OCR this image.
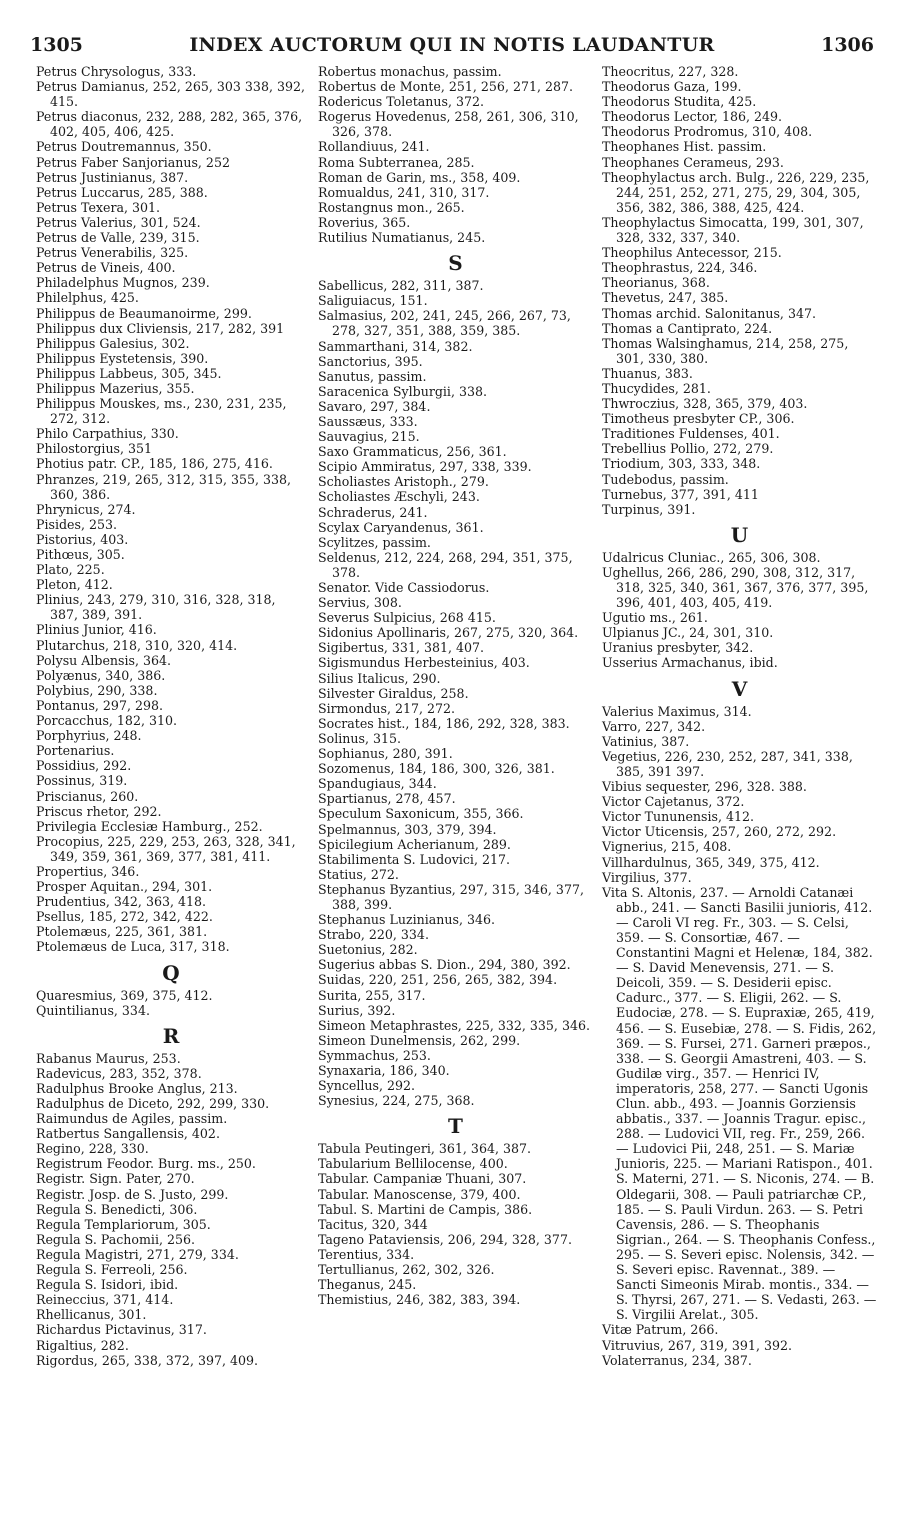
1305	INDEX AUCTORUM QUI IN NOTIS LAUDANTUR	1306
Petrus Chrysologus, 333.
Petrus Damianus, 252, 265, 303 338, 392, 415.
Petrus diaconus, 232, 288, 282, 365, 376, 402, 405, 406, 425.
Petrus Doutremannus, 350.
Petrus Faber Sanjorianus, 252
Petrus Justinianus, 387.
Petrus Luccarus, 285, 388.
Petrus Texera, 301.
Petrus Valerius, 301, 524.
Petrus de Valle, 239, 315.
Petrus Venerabilis, 325.
Petrus de Vineis, 400.
Philadelphus Mugnos, 239.
Philelphus, 425.
Philippus de Beaumanoirme, 299.
Philippus dux Cliviensis, 217, 282, 391
Philippus Galesius, 302.
Philippus Eystetensis, 390.
Philippus Labbeus, 305, 345.
Philippus Mazerius, 355.
Philippus Mouskes, ms., 230, 231, 235, 272, 312.
Philo Carpathius, 330.
Philostorgius, 351
Photius patr. CP., 185, 186, 275, 416.
Phranzes, 219, 265, 312, 315, 355, 338, 360, 386.
Phrynicus, 274.
Pisides, 253.
Pistorius, 403.
Pithœus, 305.
Plato, 225.
Pleton, 412.
Plinius, 243, 279, 310, 316, 328, 318, 387, 389, 391.
Plinius Junior, 416.
Plutarchus, 218, 310, 320, 414.
Polysu Albensis, 364.
Polyænus, 340, 386.
Polybius, 290, 338.
Pontanus, 297, 298.
Porcacchus, 182, 310.
Porphyrius, 248.
Portenarius.
Possidius, 292.
Possinus, 319.
Priscianus, 260.
Priscus rhetor, 292.
Privilegia Ecclesiæ Hamburg., 252.
Procopius, 225, 229, 253, 263, 328, 341, 349, 359, 361, 369, 377, 381, 411.
Propertius, 346.
Prosper Aquitan., 294, 301.
Prudentius, 342, 363, 418.
Psellus, 185, 272, 342, 422.
Ptolemæus, 225, 361, 381.
Ptolemæus de Luca, 317, 318.
Q
Quaresmius, 369, 375, 412.
Quintilianus, 334.
R
Rabanus Maurus, 253.
Radevicus, 283, 352, 378.
Radulphus Brooke Anglus, 213.
Radulphus de Diceto, 292, 299, 330.
Raimundus de Agiles, passim.
Ratbertus Sangallensis, 402.
Regino, 228, 330.
Registrum Feodor. Burg. ms., 250.
Registr. Sign. Pater, 270.
Registr. Josp. de S. Justo, 299.
Regula S. Benedicti, 306.
Regula Templariorum, 305.
Regula S. Pachomii, 256.
Regula Magistri, 271, 279, 334.
Regula S. Ferreoli, 256.
Regula S. Isidori, ibid.
Reineccius, 371, 414.
Rhellicanus, 301.
Richardus Pictavinus, 317.
Rigaltius, 282.
Rigordus, 265, 338, 372, 397, 409.
Robertus monachus, passim.
Robertus de Monte, 251, 256, 271, 287.
Rodericus Toletanus, 372.
Rogerus Hovedenus, 258, 261, 306, 310, 326, 378.
Rollandiuus, 241.
Roma Subterranea, 285.
Roman de Garin, ms., 358, 409.
Romualdus, 241, 310, 317.
Rostangnus mon., 265.
Roverius, 365.
Rutilius Numatianus, 245.
S
Sabellicus, 282, 311, 387.
Saliguiacus, 151.
Salmasius, 202, 241, 245, 266, 267, 73, 278, 327, 351, 388, 359, 385.
Sammarthani, 314, 382.
Sanctorius, 395.
Sanutus, passim.
Saracenica Sylburgii, 338.
Savaro, 297, 384.
Saussæus, 333.
Sauvagius, 215.
Saxo Grammaticus, 256, 361.
Scipio Ammiratus, 297, 338, 339.
Scholiastes Aristoph., 279.
Scholiastes Æschyli, 243.
Schraderus, 241.
Scylax Caryandenus, 361.
Scylitzes, passim.
Seldenus, 212, 224, 268, 294, 351, 375, 378.
Senator. Vide Cassiodorus.
Servius, 308.
Severus Sulpicius, 268 415.
Sidonius Apollinaris, 267, 275, 320, 364.
Sigibertus, 331, 381, 407.
Sigismundus Herbesteinius, 403.
Silius Italicus, 290.
Silvester Giraldus, 258.
Sirmondus, 217, 272.
Socrates hist., 184, 186, 292, 328, 383.
Solinus, 315.
Sophianus, 280, 391.
Sozomenus, 184, 186, 300, 326, 381.
Spandugiaus, 344.
Spartianus, 278, 457.
Speculum Saxonicum, 355, 366.
Spelmannus, 303, 379, 394.
Spicilegium Acherianum, 289.
Stabilimenta S. Ludovici, 217.
Statius, 272.
Stephanus Byzantius, 297, 315, 346, 377, 388, 399.
Stephanus Luzinianus, 346.
Strabo, 220, 334.
Suetonius, 282.
Sugerius abbas S. Dion., 294, 380, 392.
Suidas, 220, 251, 256, 265, 382, 394.
Surita, 255, 317.
Surius, 392.
Simeon Metaphrastes, 225, 332, 335, 346.
Simeon Dunelmensis, 262, 299.
Symmachus, 253.
Synaxaria, 186, 340.
Syncellus, 292.
Synesius, 224, 275, 368.
T
Tabula Peutingeri, 361, 364, 387.
Tabularium Bellilocense, 400.
Tabular. Campaniæ Thuani, 307.
Tabular. Manoscense, 379, 400.
Tabul. S. Martini de Campis, 386.
Tacitus, 320, 344
Tageno Pataviensis, 206, 294, 328, 377.
Terentius, 334.
Tertullianus, 262, 302, 326.
Theganus, 245.
Themistius, 246, 382, 383, 394.
Theocritus, 227, 328.
Theodorus Gaza, 199.
Theodorus Studita, 425.
Theodorus Lector, 186, 249.
Theodorus Prodromus, 310, 408.
Theophanes Hist. passim.
Theophanes Cerameus, 293.
Theophylactus arch. Bulg., 226, 229, 235, 244, 251, 252, 271, 275, 29, 304, 305, 356, 382, 386, 388, 425, 424.
Theophylactus Simocatta, 199, 301, 307, 328, 332, 337, 340.
Theophilus Antecessor, 215.
Theophrastus, 224, 346.
Theorianus, 368.
Thevetus, 247, 385.
Thomas archid. Salonitanus, 347.
Thomas a Cantiprato, 224.
Thomas Walsinghamus, 214, 258, 275, 301, 330, 380.
Thuanus, 383.
Thucydides, 281.
Thwroczius, 328, 365, 379, 403.
Timotheus presbyter CP., 306.
Traditiones Fuldenses, 401.
Trebellius Pollio, 272, 279.
Triodium, 303, 333, 348.
Tudebodus, passim.
Turnebus, 377, 391, 411
Turpinus, 391.
U
Udalricus Cluniac., 265, 306, 308.
Ughellus, 266, 286, 290, 308, 312, 317, 318, 325, 340, 361, 367, 376, 377, 395, 396, 401, 403, 405, 419.
Ugutio ms., 261.
Ulpianus JC., 24, 301, 310.
Uranius presbyter, 342.
Usserius Armachanus, ibid.
V
Valerius Maximus, 314.
Varro, 227, 342.
Vatinius, 387.
Vegetius, 226, 230, 252, 287, 341, 338, 385, 391 397.
Vibius sequester, 296, 328. 388.
Victor Cajetanus, 372.
Victor Tununensis, 412.
Victor Uticensis, 257, 260, 272, 292.
Vignerius, 215, 408.
Villhardulnus, 365, 349, 375, 412.
Virgilius, 377.
Vita S. Altonis, 237. — Arnoldi Catanæi abb., 241. — Sancti Basilii junioris, 412. — Caroli VI reg. Fr., 303. — S. Celsi, 359. — S. Consortiæ, 467. — Constantini Magni et Helenæ, 184, 382. — S. David Menevensis, 271. — S. Deicoli, 359. — S. Desiderii episc. Cadurc., 377. — S. Eligii, 262. — S. Eudociæ, 278. — S. Eupraxiæ, 265, 419, 456. — S. Eusebiæ, 278. — S. Fidis, 262, 369. — S. Fursei, 271. Garneri præpos., 338. — S. Georgii Amastreni, 403. — S. Gudilæ virg., 357. — Henrici IV, imperatoris, 258, 277. — Sancti Ugonis Clun. abb., 493. — Joannis Gorziensis abbatis., 337. — Joannis Tragur. episc., 288. — Ludovici VII, reg. Fr., 259, 266. — Ludovici Pii, 248, 251. — S. Mariæ Junioris, 225. — Mariani Ratispon., 401. S. Materni, 271. — S. Niconis, 274. — B. Oldegarii, 308. — Pauli patriarchæ CP., 185. — S. Pauli Virdun. 263. — S. Petri Cavensis, 286. — S. Theophanis Sigrian., 264. — S. Theophanis Confess., 295. — S. Severi episc. Nolensis, 342. — S. Severi episc. Ravennat., 389. — Sancti Simeonis Mirab. montis., 334. — S. Thyrsi, 267, 271. — S. Vedasti, 263. — S. Virgilii Arelat., 305.
Vitæ Patrum, 266.
Vitruvius, 267, 319, 391, 392.
Volaterranus, 234, 387.
